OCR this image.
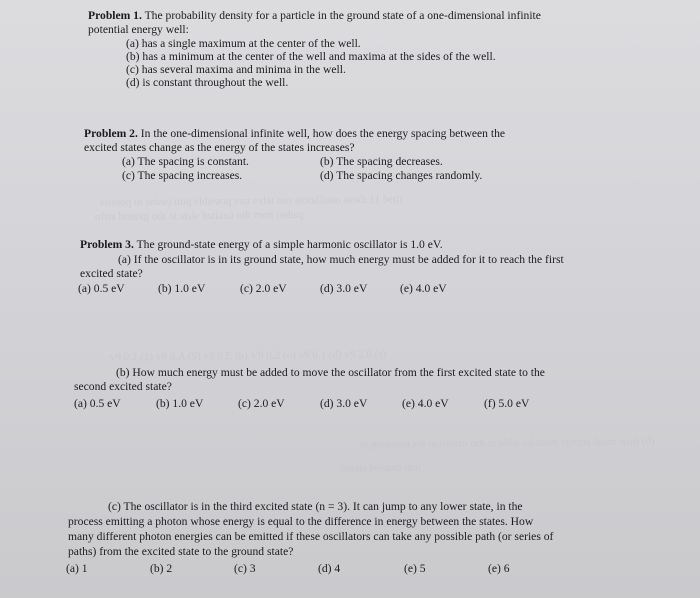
ssissoq to seine) miq eldieaoq yna exlat nso srotsllioao oesdt 11 betti
ofsts bnuotg odt ot stsle bstiaxo odt mott (edisq
v9 0.2 (1) v9 0.A (9) v9 0.E (b) V9 0.2 (o) v9 0.1 (d) v9 2.0 (s)
ot gnidasea sol nolisiezo odt ot bbbs od tanm vgtons dosm woll (d)
Sotste bstiaxo tatit
Problem 1. The probability density for a particle in the ground state of a one-dimensional infinite
potential energy well:
(a) has a single maximum at the center of the well.
(b) has a minimum at the center of the well and maxima at the sides of the well.
(c) has several maxima and minima in the well.
(d) is constant throughout the well.
Problem 2. In the one-dimensional infinite well, how does the energy spacing between the
excited states change as the energy of the states increases?
(a) The spacing is constant.	(b) The spacing decreases.
(c) The spacing increases.	(d) The spacing changes randomly.
Problem 3. The ground-state energy of a simple harmonic oscillator is 1.0 eV.
(a) If the oscillator is in its ground state, how much energy must be added for it to reach the first
excited state?
(a) 0.5 eV	(b) 1.0 eV	(c) 2.0 eV	(d) 3.0 eV	(e) 4.0 eV
(b) How much energy must be added to move the oscillator from the first excited state to the
second excited state?
(a) 0.5 eV	(b) 1.0 eV	(c) 2.0 eV	(d) 3.0 eV	(e) 4.0 eV	(f) 5.0 eV
(c) The oscillator is in the third excited state (n = 3). It can jump to any lower state, in the
process emitting a photon whose energy is equal to the difference in energy between the states. How
many different photon energies can be emitted if these oscillators can take any possible path (or series of
paths) from the excited state to the ground state?
(a) 1	(b) 2	(c) 3	(d) 4	(e) 5	(e) 6
